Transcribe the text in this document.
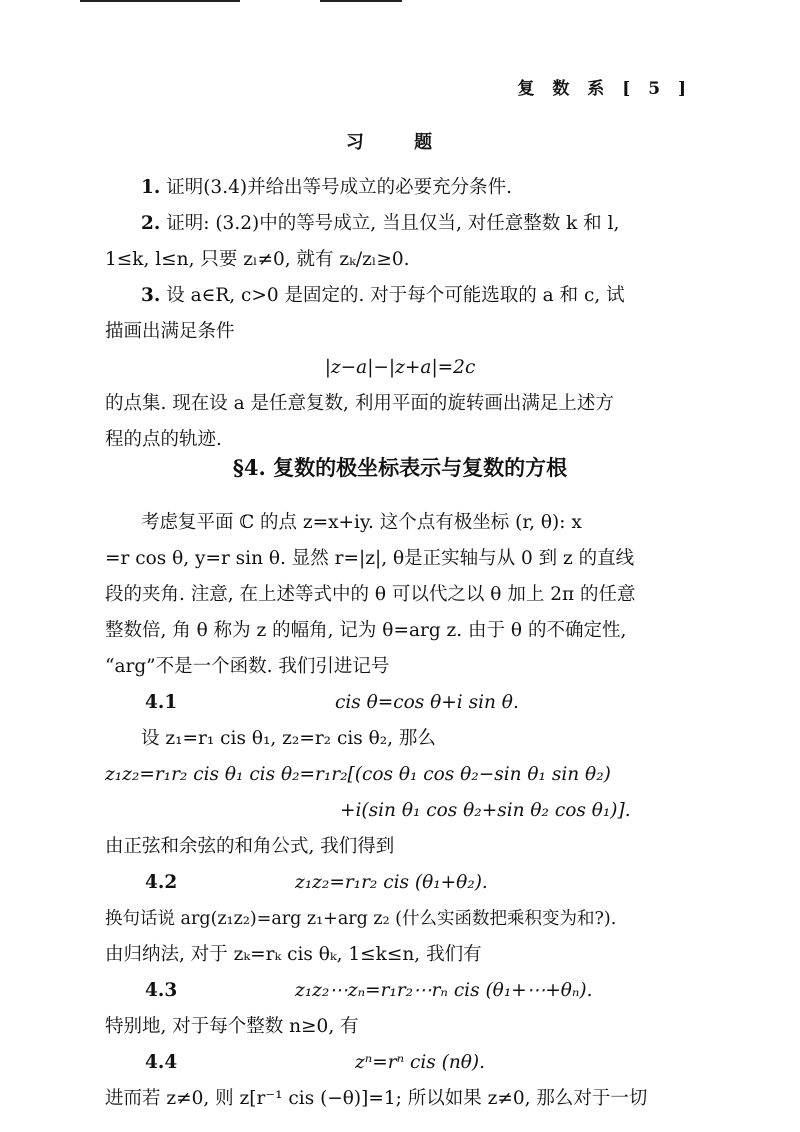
复 数 系 [ 5 ]
习 题
1. 证明(3.4)并给出等号成立的必要充分条件.
2. 证明: (3.2)中的等号成立, 当且仅当, 对任意整数 k 和 l,
1≤k, l≤n, 只要 zₗ≠0, 就有 zₖ/zₗ≥0.
3. 设 a∈R, c>0 是固定的. 对于每个可能选取的 a 和 c, 试
描画出满足条件
|z−a|−|z+a|=2c
的点集. 现在设 a 是任意复数, 利用平面的旋转画出满足上述方
程的点的轨迹.
§4. 复数的极坐标表示与复数的方根
考虑复平面 ℂ 的点 z=x+iy. 这个点有极坐标 (r, θ): x
=r cos θ, y=r sin θ. 显然 r=|z|, θ是正实轴与从 0 到 z 的直线
段的夹角. 注意, 在上述等式中的 θ 可以代之以 θ 加上 2π 的任意
整数倍, 角 θ 称为 z 的幅角, 记为 θ=arg z. 由于 θ 的不确定性,
“arg”不是一个函数. 我们引进记号
4.1	cis θ=cos θ+i sin θ.
设 z₁=r₁ cis θ₁, z₂=r₂ cis θ₂, 那么
z₁z₂=r₁r₂ cis θ₁ cis θ₂=r₁r₂[(cos θ₁ cos θ₂−sin θ₁ sin θ₂)
+i(sin θ₁ cos θ₂+sin θ₂ cos θ₁)].
由正弦和余弦的和角公式, 我们得到
4.2	z₁z₂=r₁r₂ cis (θ₁+θ₂).
换句话说 arg(z₁z₂)=arg z₁+arg z₂ (什么实函数把乘积变为和?).
由归纳法, 对于 zₖ=rₖ cis θₖ, 1≤k≤n, 我们有
4.3	z₁z₂⋯zₙ=r₁r₂⋯rₙ cis (θ₁+⋯+θₙ).
特别地, 对于每个整数 n≥0, 有
4.4	zⁿ=rⁿ cis (nθ).
进而若 z≠0, 则 z[r⁻¹ cis (−θ)]=1; 所以如果 z≠0, 那么对于一切
